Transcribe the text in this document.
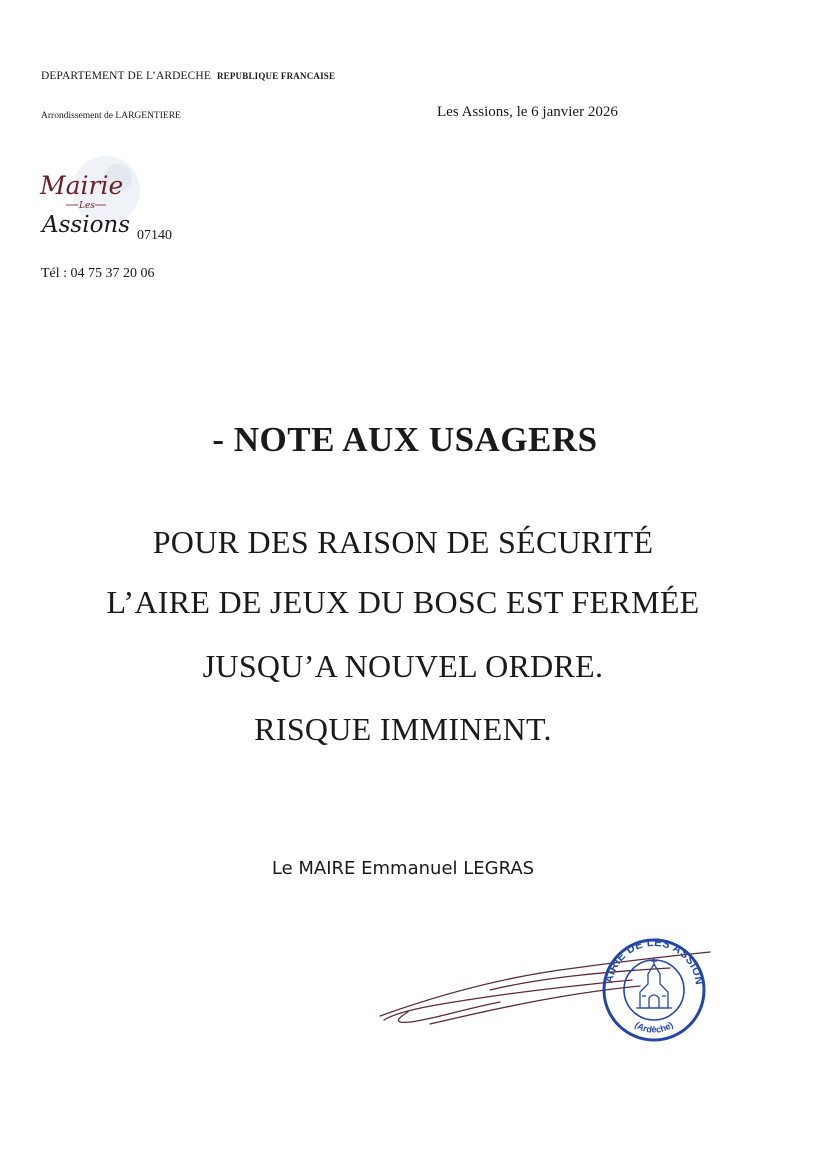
DEPARTEMENT DE L’ARDECHE REPUBLIQUE FRANCAISE
Arrondissement de LARGENTIERE	Les Assions, le 6 janvier 2026
Mairie
Les
Assions 07140
Tél : 04 75 37 20 06
- NOTE AUX USAGERS
POUR DES RAISON DE SÉCURITÉ
L’AIRE DE JEUX DU BOSC EST FERMÉE
JUSQU’A NOUVEL ORDRE.
RISQUE IMMINENT.
Le MAIRE Emmanuel LEGRAS
MAIRIE DE LES ASSIONS
(Ardèche)
